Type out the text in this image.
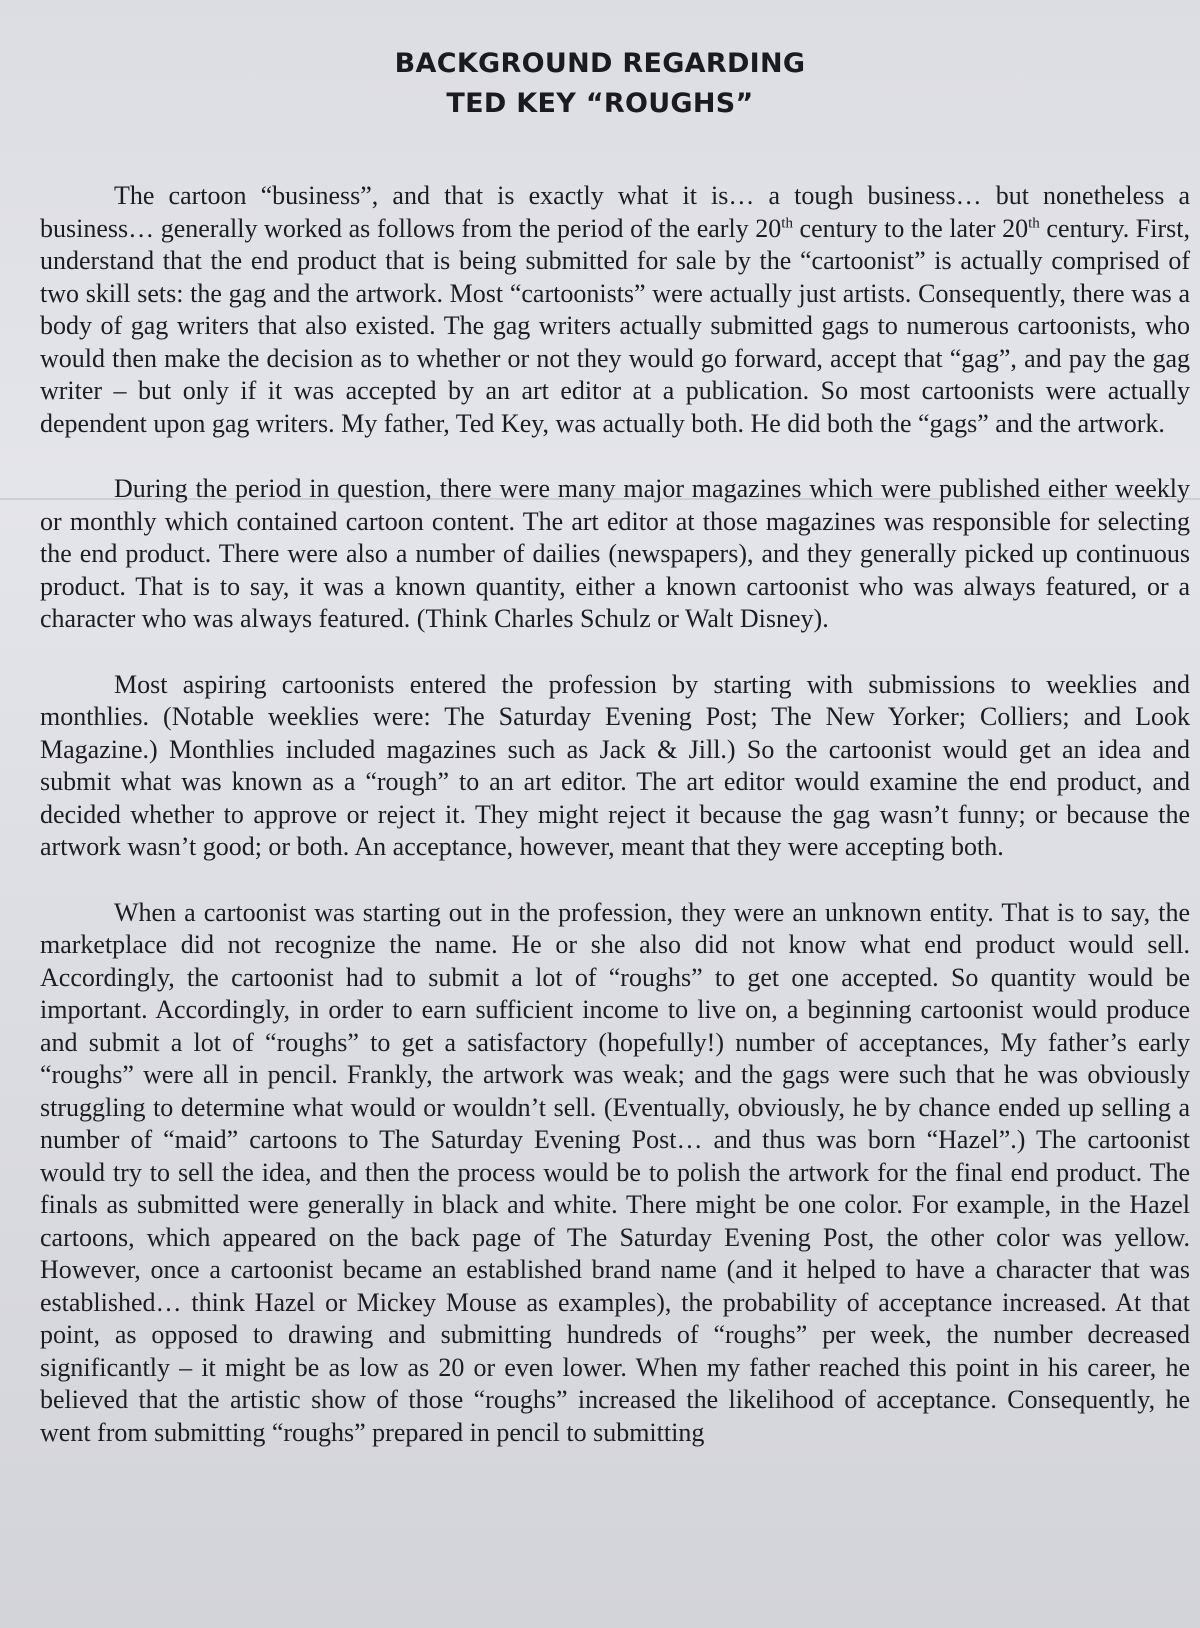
BACKGROUND REGARDING
TED KEY “ROUGHS”

The cartoon “business”, and that is exactly what it is… a tough business… but nonetheless a business… generally worked as follows from the period of the early 20th century to the later 20th century. First, understand that the end product that is being submitted for sale by the “cartoonist” is actually comprised of two skill sets: the gag and the artwork. Most “cartoonists” were actually just artists. Consequently, there was a body of gag writers that also existed. The gag writers actually submitted gags to numerous cartoonists, who would then make the decision as to whether or not they would go forward, accept that “gag”, and pay the gag writer – but only if it was accepted by an art editor at a publication. So most cartoonists were actually dependent upon gag writers. My father, Ted Key, was actually both. He did both the “gags” and the artwork.

During the period in question, there were many major magazines which were published either weekly or monthly which contained cartoon content. The art editor at those magazines was responsible for selecting the end product. There were also a number of dailies (newspapers), and they generally picked up continuous product. That is to say, it was a known quantity, either a known cartoonist who was always featured, or a character who was always featured. (Think Charles Schulz or Walt Disney).

Most aspiring cartoonists entered the profession by starting with submissions to weeklies and monthlies. (Notable weeklies were: The Saturday Evening Post; The New Yorker; Colliers; and Look Magazine.) Monthlies included magazines such as Jack & Jill.) So the cartoonist would get an idea and submit what was known as a “rough” to an art editor. The art editor would examine the end product, and decided whether to approve or reject it. They might reject it because the gag wasn’t funny; or because the artwork wasn’t good; or both. An acceptance, however, meant that they were accepting both.

When a cartoonist was starting out in the profession, they were an unknown entity. That is to say, the marketplace did not recognize the name. He or she also did not know what end product would sell. Accordingly, the cartoonist had to submit a lot of “roughs” to get one accepted. So quantity would be important. Accordingly, in order to earn sufficient income to live on, a beginning cartoonist would produce and submit a lot of “roughs” to get a satisfactory (hopefully!) number of acceptances, My father’s early “roughs” were all in pencil. Frankly, the artwork was weak; and the gags were such that he was obviously struggling to determine what would or wouldn’t sell. (Eventually, obviously, he by chance ended up selling a number of “maid” cartoons to The Saturday Evening Post… and thus was born “Hazel”.) The cartoonist would try to sell the idea, and then the process would be to polish the artwork for the final end product. The finals as submitted were generally in black and white. There might be one color. For example, in the Hazel cartoons, which appeared on the back page of The Saturday Evening Post, the other color was yellow. However, once a cartoonist became an established brand name (and it helped to have a character that was established… think Hazel or Mickey Mouse as examples), the probability of acceptance increased. At that point, as opposed to drawing and submitting hundreds of “roughs” per week, the number decreased significantly – it might be as low as 20 or even lower. When my father reached this point in his career, he believed that the artistic show of those “roughs” increased the likelihood of acceptance. Consequently, he went from submitting “roughs” prepared in pencil to submitting
